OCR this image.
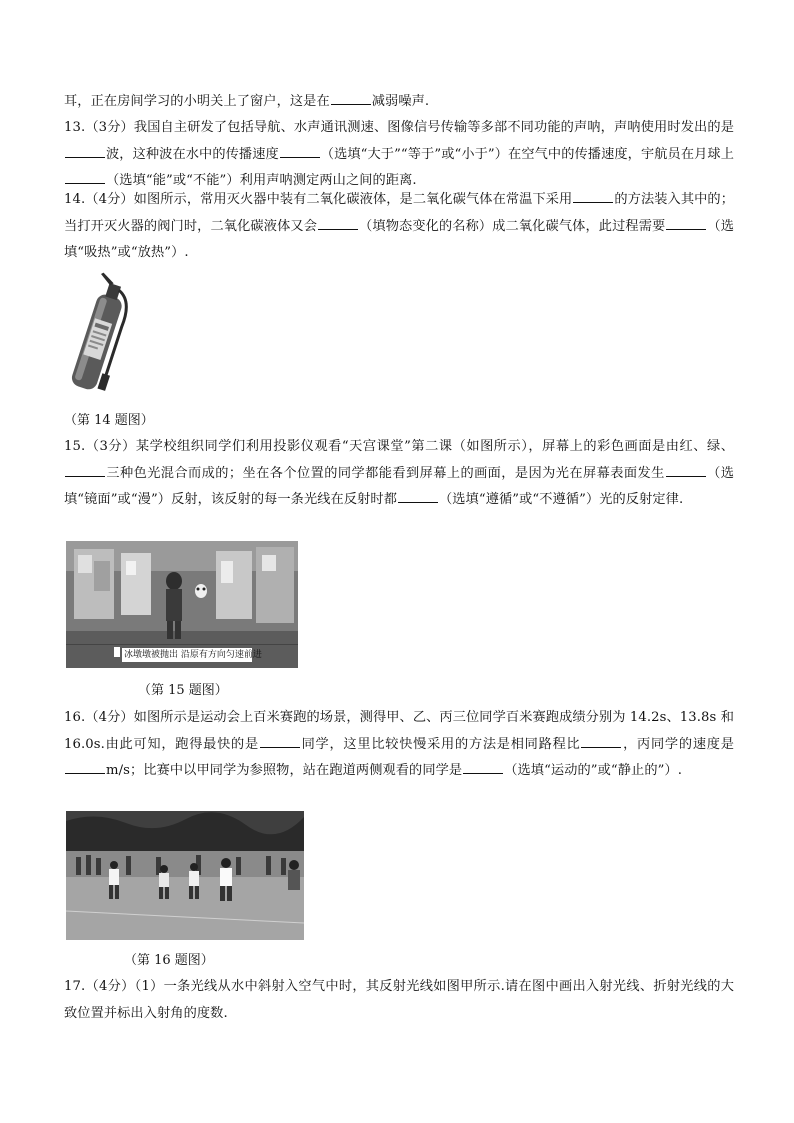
耳，正在房间学习的小明关上了窗户，这是在	减弱噪声.
13.（3分）我国自主研发了包括导航、水声通讯测速、图像信号传输等多部不同功能的声呐，声呐使用时发出的是波，这种波在水中的传播速度	（选填“大于”“等于”或“小于”）在空气中的传播速度，宇航员在月球上（选填“能”或“不能”）利用声呐测定两山之间的距离.
14.（4分）如图所示，常用灭火器中装有二氧化碳液体，是二氧化碳气体在常温下采用	的方法装入其中的；当打开灭火器的阀门时，二氧化碳液体又会	（填物态变化的名称）成二氧化碳气体，此过程需要	（选填“吸热”或“放热”）.
（第 14 题图）
15.（3分）某学校组织同学们利用投影仪观看“天宫课堂”第二课（如图所示），屏幕上的彩色画面是由红、绿、三种色光混合而成的；坐在各个位置的同学都能看到屏幕上的画面，是因为光在屏幕表面发生	（选填“镜面”或“漫”）反射，该反射的每一条光线在反射时都	（选填“遵循”或“不遵循”）光的反射定律.
冰墩墩被抛出 沿原有方向匀速前进
（第 15 题图）
16.（4分）如图所示是运动会上百米赛跑的场景，测得甲、乙、丙三位同学百米赛跑成绩分别为 14.2s、13.8s 和 16.0s.由此可知，跑得最快的是	同学，这里比较快慢采用的方法是相同路程比	，丙同学的速度是m/s；比赛中以甲同学为参照物，站在跑道两侧观看的同学是	（选填“运动的”或“静止的”）.
（第 16 题图）
17.（4分）（1）一条光线从水中斜射入空气中时，其反射光线如图甲所示.请在图中画出入射光线、折射光线的大致位置并标出入射角的度数.
